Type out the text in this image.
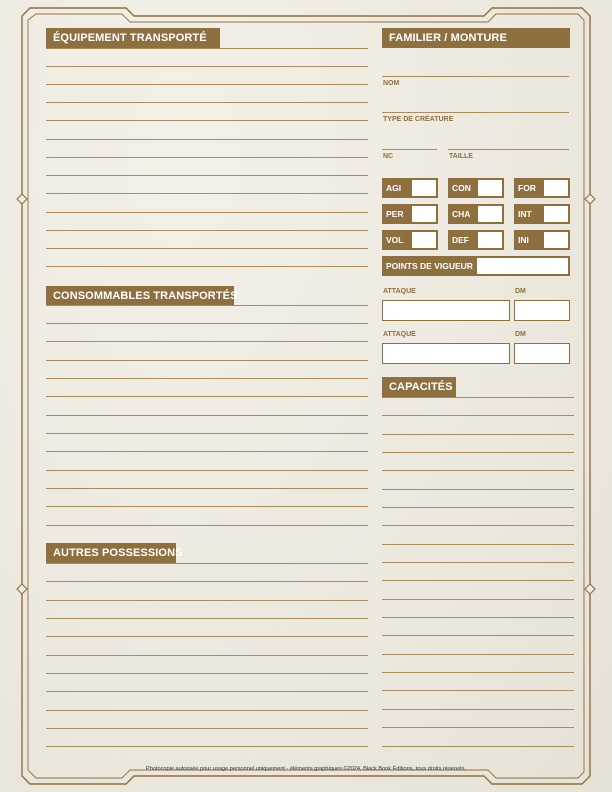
ÉQUIPEMENT TRANSPORTÉ
CONSOMMABLES TRANSPORTÉS
AUTRES POSSESSIONS
FAMILIER / MONTURE
NOM
TYPE DE CRÉATURE
NC	TAILLE
AGI	CON	FOR
PER	CHA	INT
VOL	DEF	INI
POINTS DE VIGUEUR
ATTAQUE	DM
ATTAQUE	DM
CAPACITÉS
Photocopie autorisée pour usage personnel uniquement - éléments graphiques ©2024, Black Book Éditions, tous droits réservés.
